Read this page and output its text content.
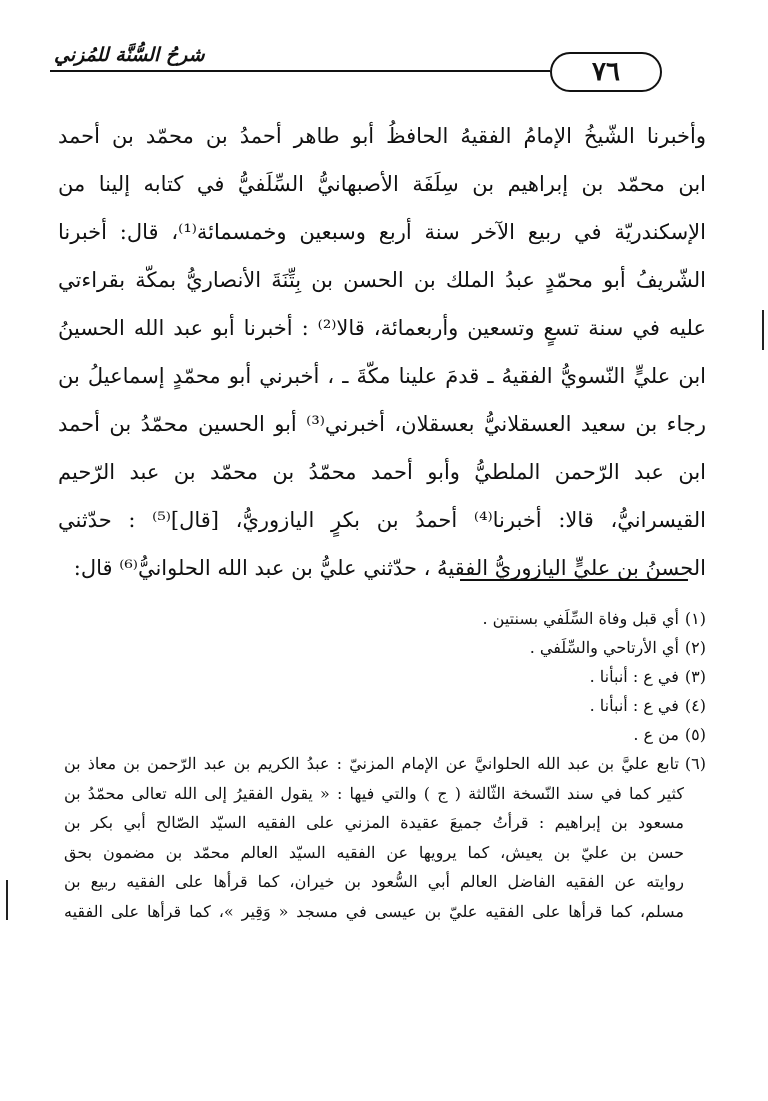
شرحُ السُّنَّة للمُزني
٧٦
وأخبرنا الشّيخُ الإمامُ الفقيهُ الحافظُ أبو طاهر أحمدُ بن محمّد بن أحمد
ابن محمّد بن إبراهيم بن سِلَفَة الأصبهانيُّ السِّلَفيُّ في كتابه إلينا من
الإسكندريّة في ربيع الآخر سنة أربع وسبعين وخمسمائة⁽¹⁾، قال: أخبرنا
الشّريفُ أبو محمّدٍ عبدُ الملك بن الحسن بن بِتِّنَةَ الأنصاريُّ بمكّة بقراءتي
عليه في سنة تسعٍ وتسعين وأربعمائة، قالا⁽²⁾ : أخبرنا أبو عبد الله الحسينُ
ابن عليٍّ النّسويُّ الفقيهُ ـ قدمَ علينا مكّةَ ـ ، أخبرني أبو محمّدٍ إسماعيلُ بن
رجاء بن سعيد العسقلانيُّ بعسقلان، أخبرني⁽³⁾ أبو الحسين محمّدُ بن أحمد
ابن عبد الرّحمن الملطيُّ وأبو أحمد محمّدُ بن محمّد بن عبد الرّحيم
القيسرانيُّ، قالا: أخبرنا⁽⁴⁾ أحمدُ بن بكرٍ اليازوريُّ، [قال]⁽⁵⁾ : حدّثني
الحسنُ بن عليٍّ اليازوريُّ الفقيهُ ، حدّثني عليُّ بن عبد الله الحلوانيُّ⁽⁶⁾ قال:
(١)أي قبل وفاة السِّلَفي بسنتين .
(٢)أي الأرتاحي والسِّلَفي .
(٣)في ع : أنبأنا .
(٤)في ع : أنبأنا .
(٥)من ع .
(٦)تابع عليَّ بن عبد الله الحلوانيَّ عن الإمام المزنيّ : عبدُ الكريم بن عبد الرّحمن بن معاذ بن
كثير كما في سند النّسخة الثّالثة ( ج ) والتي فيها : « يقول الفقيرُ إلى الله تعالى محمّدُ بن
مسعود بن إبراهيم : قرأتُ جميعَ عقيدة المزني على الفقيه السيّد الصّالح أبي بكر بن
حسن بن عليّ بن يعيش، كما يرويها عن الفقيه السيّد العالم محمّد بن مضمون بحق
روايته عن الفقيه الفاضل العالم أبي السُّعود بن خيران، كما قرأها على الفقيه ربيع بن
مسلم، كما قرأها على الفقيه عليّ بن عيسى في مسجد « وَقِير »، كما قرأها على الفقيه
